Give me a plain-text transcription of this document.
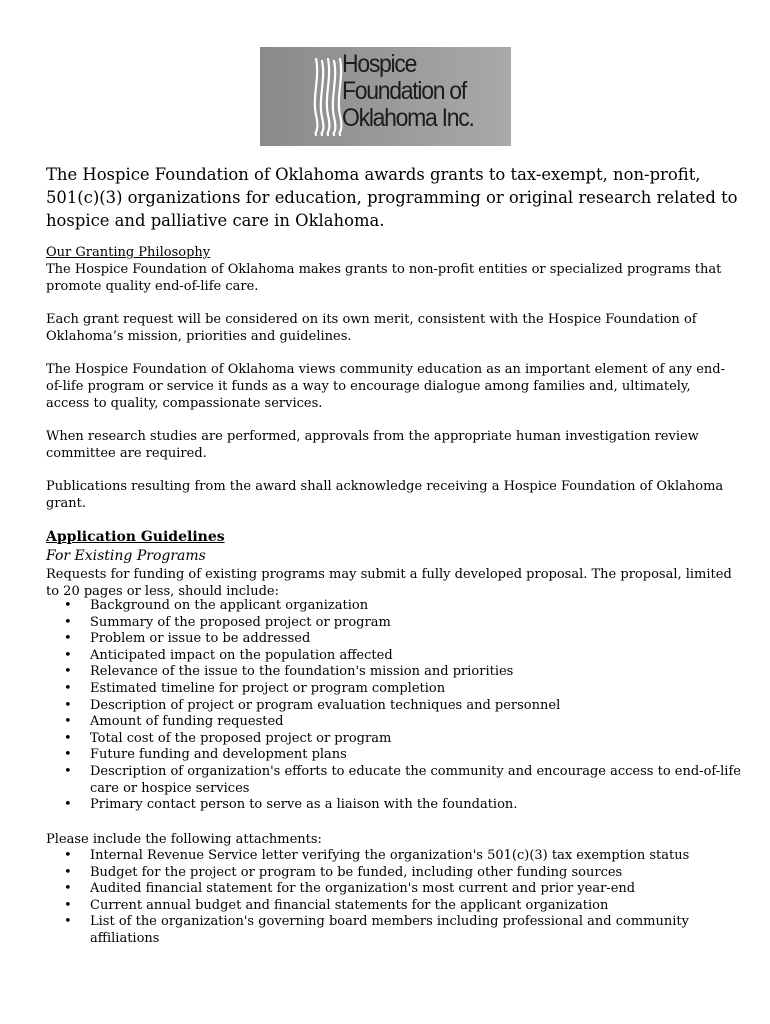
Hospice
Foundation of
Oklahoma Inc.

The Hospice Foundation of Oklahoma awards grants to tax-exempt, non-profit, 501(c)(3) organizations for education, programming or original research related to hospice and palliative care in Oklahoma.

Our Granting Philosophy

The Hospice Foundation of Oklahoma makes grants to non-profit entities or specialized programs that promote quality end-of-life care.

Each grant request will be considered on its own merit, consistent with the Hospice Foundation of Oklahoma’s mission, priorities and guidelines.

The Hospice Foundation of Oklahoma views community education as an important element of any end-of-life program or service it funds as a way to encourage dialogue among families and, ultimately, access to quality, compassionate services.

When research studies are performed, approvals from the appropriate human investigation review committee are required.

Publications resulting from the award shall acknowledge receiving a Hospice Foundation of Oklahoma grant.

Application Guidelines

For Existing Programs

Requests for funding of existing programs may submit a fully developed proposal. The proposal, limited to 20 pages or less, should include:

• Background on the applicant organization
• Summary of the proposed project or program
• Problem or issue to be addressed
• Anticipated impact on the population affected
• Relevance of the issue to the foundation's mission and priorities
• Estimated timeline for project or program completion
• Description of project or program evaluation techniques and personnel
• Amount of funding requested
• Total cost of the proposed project or program
• Future funding and development plans
• Description of organization's efforts to educate the community and encourage access to end-of-life care or hospice services
• Primary contact person to serve as a liaison with the foundation.

Please include the following attachments:

• Internal Revenue Service letter verifying the organization's 501(c)(3) tax exemption status
• Budget for the project or program to be funded, including other funding sources
• Audited financial statement for the organization's most current and prior year-end
• Current annual budget and financial statements for the applicant organization
• List of the organization's governing board members including professional and community affiliations
